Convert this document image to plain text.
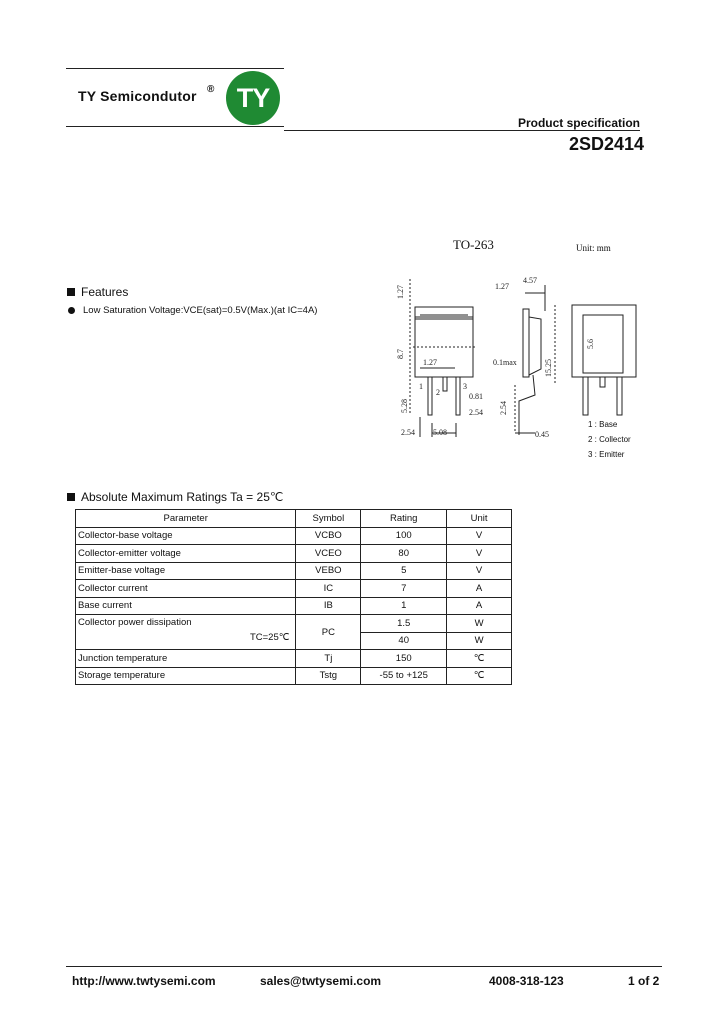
TY Semicondutor ® TY
Product specification
2SD2414
TO-263	Unit: mm
1.27	1.27
4.57
8.7
1.27	0.1max	15.25
5.28
0.81
2.54 2.54
5.08
2.54	0.45
5.6
1
2
3
1 : Base
2 : Collector
3 : Emitter
Features
Low Saturation Voltage:VCE(sat)=0.5V(Max.)(at IC=4A)
Absolute Maximum Ratings Ta = 25℃
Parameter	Symbol	Rating	Unit
Collector-base voltage	VCBO	100	V
Collector-emitter voltage	VCEO	80	V
Emitter-base voltage	VEBO	5	V
Collector current	IC	7	A
Base current	IB	1	A

Collector power dissipation
TC=25℃	PC	1.5	W
		40	W
Junction temperature	Tj	150	℃
Storage temperature	Tstg	-55 to +125	℃
http://www.twtysemi.com	sales@twtysemi.com	4008-318-123	1 of 2
